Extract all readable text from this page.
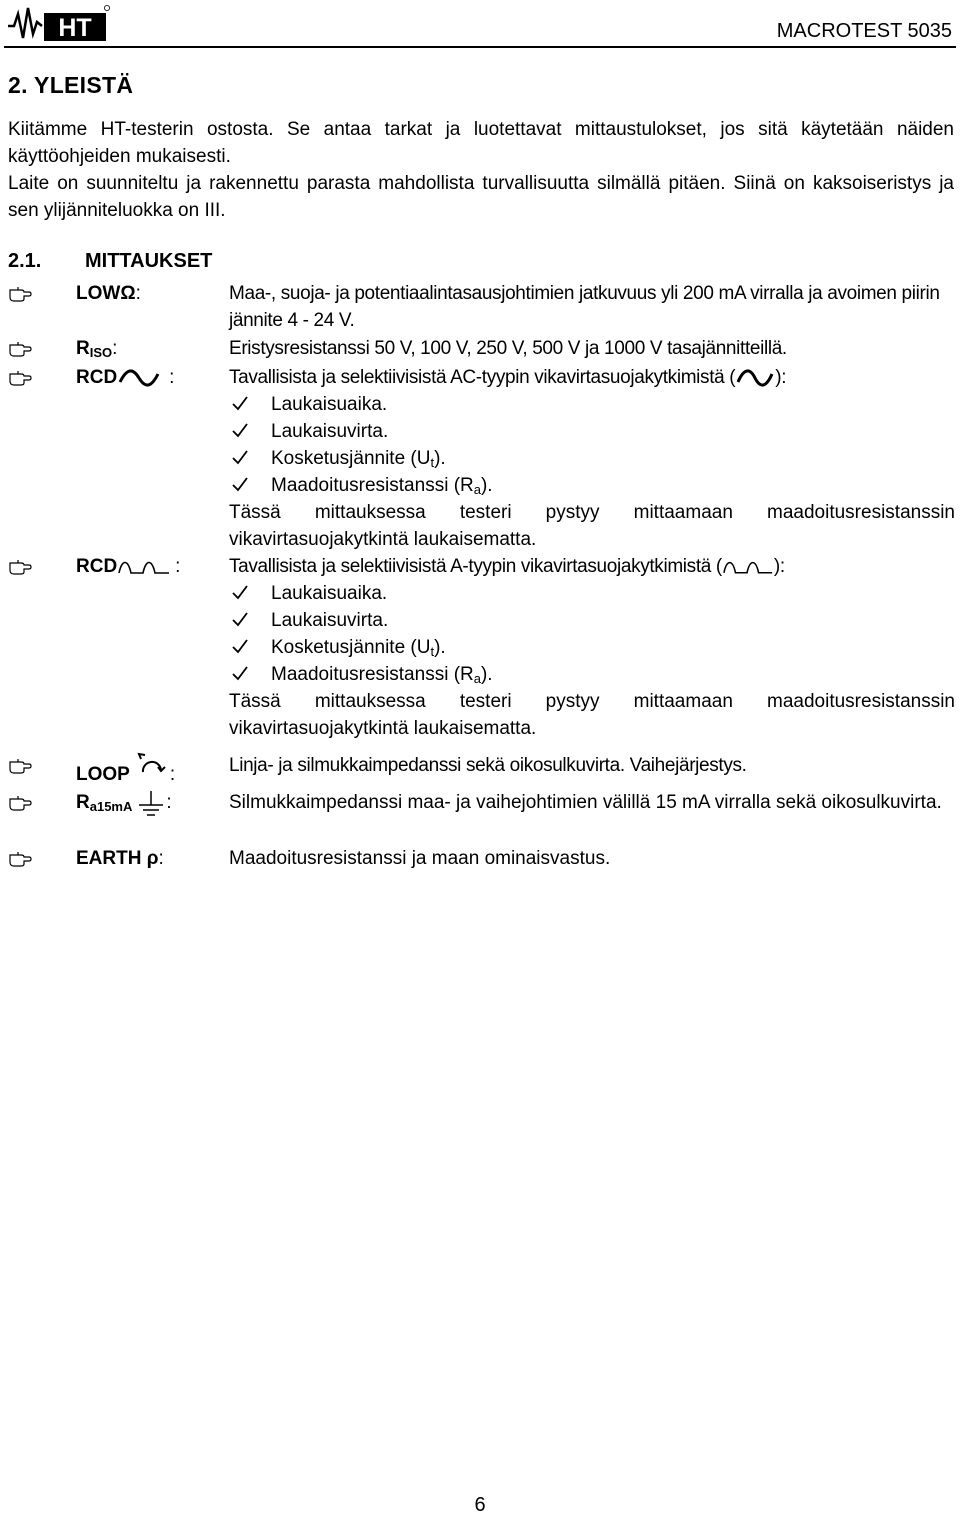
HT	MACROTEST 5035
2. YLEISTÄ

Kiitämme HT-testerin ostosta. Se antaa tarkat ja luotettavat mittaustulokset, jos sitä käytetään näiden käyttöohjeiden mukaisesti.

Laite on suunniteltu ja rakennettu parasta mahdollista turvallisuutta silmällä pitäen. Siinä on kaksoiseristys ja sen ylijänniteluokka on III.

2.1. MITTAUKSET
LOWΩ:	Maa-, suoja- ja potentiaalintasausjohtimien jatkuvuus yli 200 mA virralla ja avoimen piirin jännite 4 - 24 V.
$R_{ISO}$:	Eristysresistanssi 50 V, 100 V, 250 V, 500 V ja 1000 V tasajännitteillä.
RCD	:	Tavallisista ja selektiivisistä AC-tyypin vikavirtasuojakytkimistä ( ):

Laukaisuaika.
Laukaisuvirta.
Kosketusjännite $(U_t)$.
Maadoitusresistanssi $(R_a)$.

Tässä mittauksessa testeri pystyy mittaamaan maadoitusresistanssin vikavirtasuojakytkintä laukaisematta.

RCD	:	Tavallisista ja selektiivisistä A-tyypin vikavirtasuojakytkimistä (	):

Laukaisuaika.
Laukaisuvirta.
Kosketusjännite $(U_t)$.
Maadoitusresistanssi $(R_a)$.

Tässä mittauksessa testeri pystyy mittaamaan maadoitusresistanssin vikavirtasuojakytkintä laukaisematta.

LOOP :	Linja- ja silmukkaimpedanssi sekä oikosulkuvirta. Vaihejärjestys.
$R_{a15mA}$ :	Silmukkaimpedanssi maa- ja vaihejohtimien välillä 15 mA virralla sekä oikosulkuvirta.
EARTH ρ:	Maadoitusresistanssi ja maan ominaisvastus.
6
